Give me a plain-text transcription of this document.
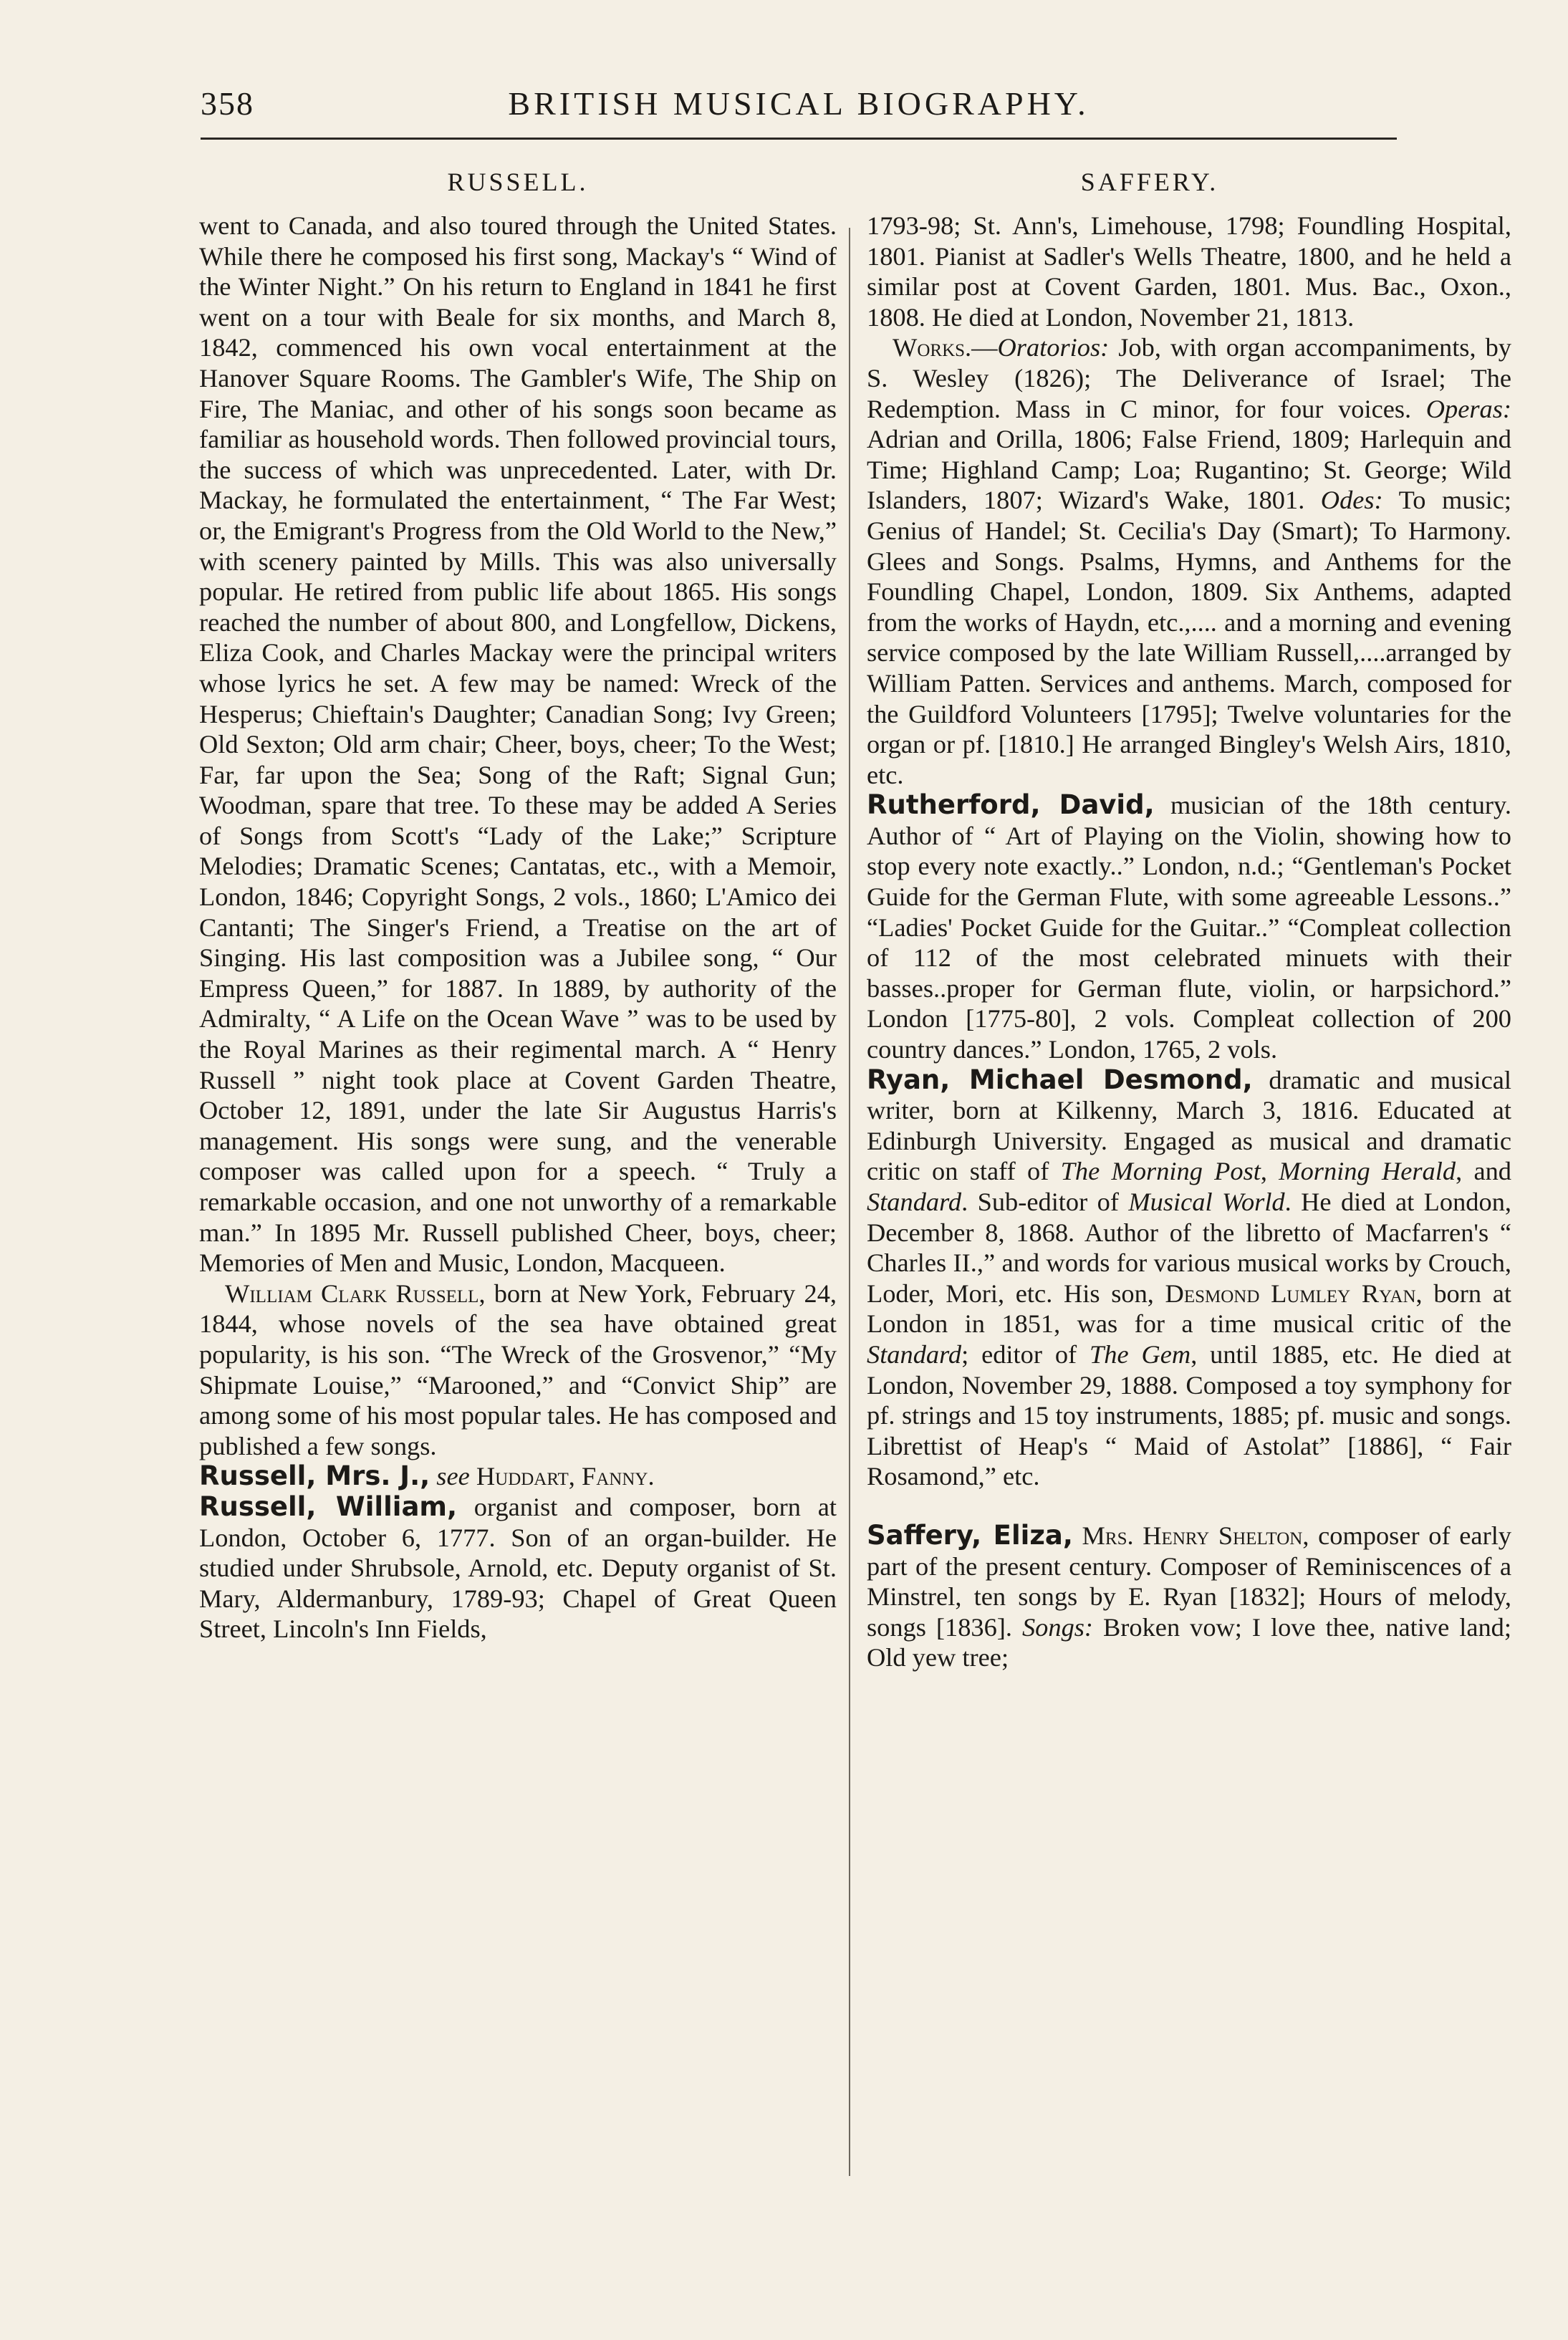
358	BRITISH MUSICAL BIOGRAPHY.
RUSSELL.

went to Canada, and also toured through the United States. While there he composed his first song, Mackay's “ Wind of the Winter Night.” On his return to England in 1841 he first went on a tour with Beale for six months, and March 8, 1842, commenced his own vocal entertainment at the Hanover Square Rooms. The Gambler's Wife, The Ship on Fire, The Maniac, and other of his songs soon became as familiar as household words. Then followed provincial tours, the success of which was unprecedented. Later, with Dr. Mackay, he formulated the entertainment, “ The Far West; or, the Emigrant's Progress from the Old World to the New,” with scenery painted by Mills. This was also universally popular. He retired from public life about 1865. His songs reached the number of about 800, and Longfellow, Dickens, Eliza Cook, and Charles Mackay were the principal writers whose lyrics he set. A few may be named: Wreck of the Hesperus; Chieftain's Daughter; Canadian Song; Ivy Green; Old Sexton; Old arm chair; Cheer, boys, cheer; To the West; Far, far upon the Sea; Song of the Raft; Signal Gun; Woodman, spare that tree. To these may be added A Series of Songs from Scott's “Lady of the Lake;” Scripture Melodies; Dramatic Scenes; Cantatas, etc., with a Memoir, London, 1846; Copyright Songs, 2 vols., 1860; L'Amico dei Cantanti; The Singer's Friend, a Treatise on the art of Singing. His last composition was a Jubilee song, “ Our Empress Queen,” for 1887. In 1889, by authority of the Admiralty, “ A Life on the Ocean Wave ” was to be used by the Royal Marines as their regimental march. A “ Henry Russell ” night took place at Covent Garden Theatre, October 12, 1891, under the late Sir Augustus Harris's management. His songs were sung, and the venerable composer was called upon for a speech. “ Truly a remarkable occasion, and one not unworthy of a remarkable man.” In 1895 Mr. Russell published Cheer, boys, cheer; Memories of Men and Music, London, Macqueen.

William Clark Russell, born at New York, February 24, 1844, whose novels of the sea have obtained great popularity, is his son. “The Wreck of the Grosvenor,” “My Shipmate Louise,” “Marooned,” and “Convict Ship” are among some of his most popular tales. He has composed and published a few songs.

Russell, Mrs. J., see Huddart, Fanny.

Russell, William, organist and composer, born at London, October 6, 1777. Son of an organ-builder. He studied under Shrubsole, Arnold, etc. Deputy organist of St. Mary, Aldermanbury, 1789-93; Chapel of Great Queen Street, Lincoln's Inn Fields,

SAFFERY.

1793-98; St. Ann's, Limehouse, 1798; Foundling Hospital, 1801. Pianist at Sadler's Wells Theatre, 1800, and he held a similar post at Covent Garden, 1801. Mus. Bac., Oxon., 1808. He died at London, November 21, 1813.

Works.—Oratorios: Job, with organ accompaniments, by S. Wesley (1826); The Deliverance of Israel; The Redemption. Mass in C minor, for four voices. Operas: Adrian and Orilla, 1806; False Friend, 1809; Harlequin and Time; Highland Camp; Loa; Rugantino; St. George; Wild Islanders, 1807; Wizard's Wake, 1801. Odes: To music; Genius of Handel; St. Cecilia's Day (Smart); To Harmony. Glees and Songs. Psalms, Hymns, and Anthems for the Foundling Chapel, London, 1809. Six Anthems, adapted from the works of Haydn, etc.,.... and a morning and evening service composed by the late William Russell,....arranged by William Patten. Services and anthems. March, composed for the Guildford Volunteers [1795]; Twelve voluntaries for the organ or pf. [1810.] He arranged Bingley's Welsh Airs, 1810, etc.

Rutherford, David, musician of the 18th century. Author of “ Art of Playing on the Violin, showing how to stop every note exactly..” London, n.d.; “Gentleman's Pocket Guide for the German Flute, with some agreeable Lessons..” “Ladies' Pocket Guide for the Guitar..” “Compleat collection of 112 of the most celebrated minuets with their basses..proper for German flute, violin, or harpsichord.” London [1775-80], 2 vols. Compleat collection of 200 country dances.” London, 1765, 2 vols.

Ryan, Michael Desmond, dramatic and musical writer, born at Kilkenny, March 3, 1816. Educated at Edinburgh University. Engaged as musical and dramatic critic on staff of The Morning Post, Morning Herald, and Standard. Sub-editor of Musical World. He died at London, December 8, 1868. Author of the libretto of Macfarren's “ Charles II.,” and words for various musical works by Crouch, Loder, Mori, etc. His son, Desmond Lumley Ryan, born at London in 1851, was for a time musical critic of the Standard; editor of The Gem, until 1885, etc. He died at London, November 29, 1888. Composed a toy symphony for pf. strings and 15 toy instruments, 1885; pf. music and songs. Librettist of Heap's “ Maid of Astolat” [1886], “ Fair Rosamond,” etc.

Saffery, Eliza, Mrs. Henry Shelton, composer of early part of the present century. Composer of Reminiscences of a Minstrel, ten songs by E. Ryan [1832]; Hours of melody, songs [1836]. Songs: Broken vow; I love thee, native land; Old yew tree;
